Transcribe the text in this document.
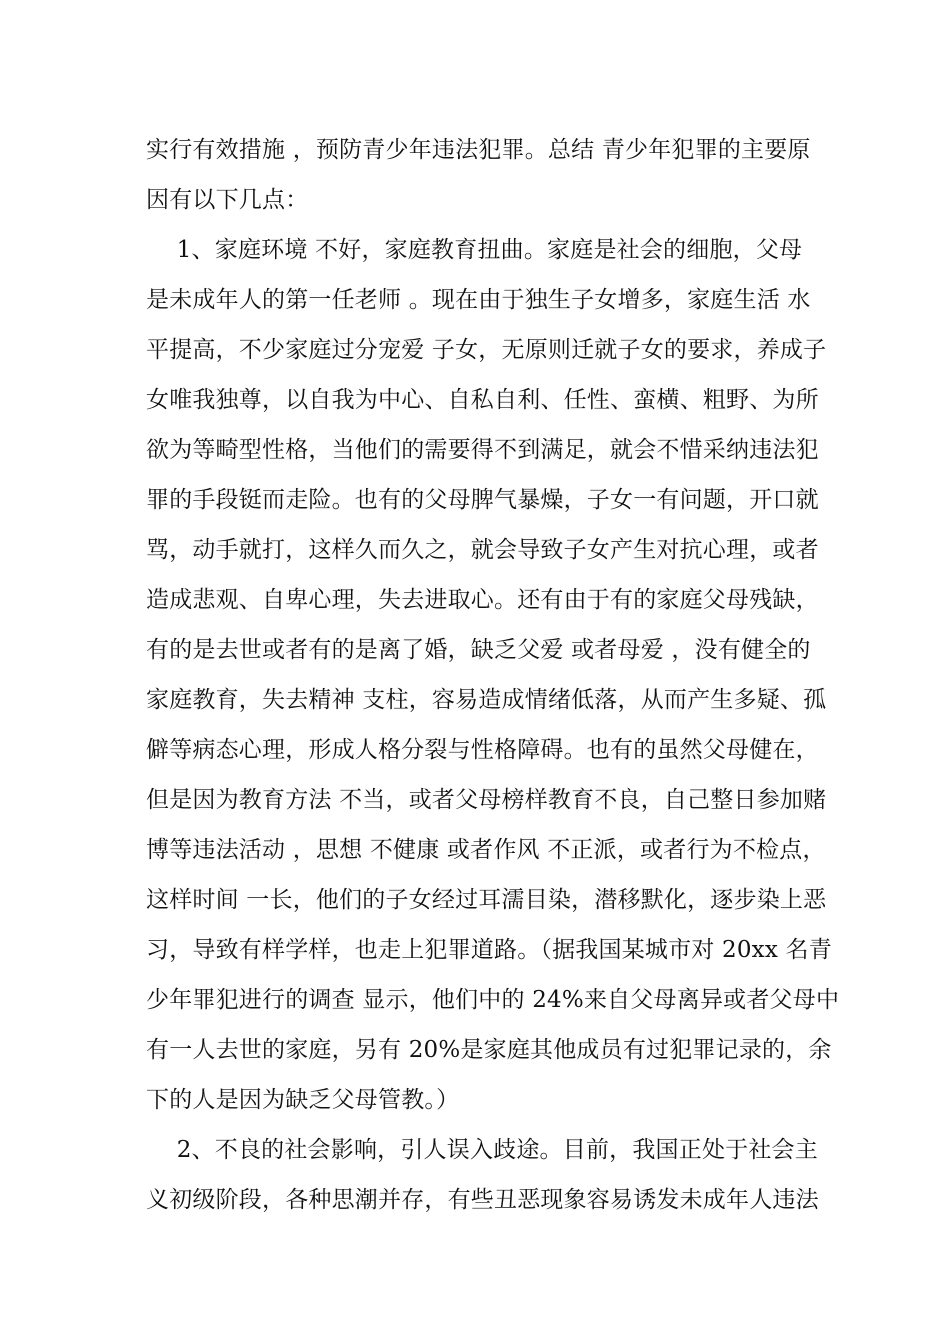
实行有效措施 ，预防青少年违法犯罪。总结 青少年犯罪的主要原
因有以下几点：
　 1、家庭环境 不好，家庭教育扭曲。家庭是社会的细胞，父母
是未成年人的第一任老师 。现在由于独生子女增多，家庭生活 水
平提高，不少家庭过分宠爱 子女，无原则迁就子女的要求，养成子
女唯我独尊，以自我为中心、自私自利、任性、蛮横、粗野、为所
欲为等畸型性格，当他们的需要得不到满足，就会不惜采纳违法犯
罪的手段铤而走险。也有的父母脾气暴燥，子女一有问题，开口就
骂，动手就打，这样久而久之，就会导致子女产生对抗心理，或者
造成悲观、自卑心理，失去进取心。还有由于有的家庭父母残缺，
有的是去世或者有的是离了婚，缺乏父爱 或者母爱 ，没有健全的
家庭教育，失去精神 支柱，容易造成情绪低落，从而产生多疑、孤
僻等病态心理，形成人格分裂与性格障碍。也有的虽然父母健在，
但是因为教育方法 不当，或者父母榜样教育不良，自己整日参加赌
博等违法活动 ，思想 不健康 或者作风 不正派，或者行为不检点，
这样时间 一长，他们的子女经过耳濡目染，潜移默化，逐步染上恶
习，导致有样学样，也走上犯罪道路。（据我国某城市对 20xx 名青
少年罪犯进行的调查 显示，他们中的 24%来自父母离异或者父母中
有一人去世的家庭，另有 20%是家庭其他成员有过犯罪记录的，余
下的人是因为缺乏父母管教。）
　 2、不良的社会影响，引人误入歧途。目前，我国正处于社会主
义初级阶段，各种思潮并存，有些丑恶现象容易诱发未成年人违法
